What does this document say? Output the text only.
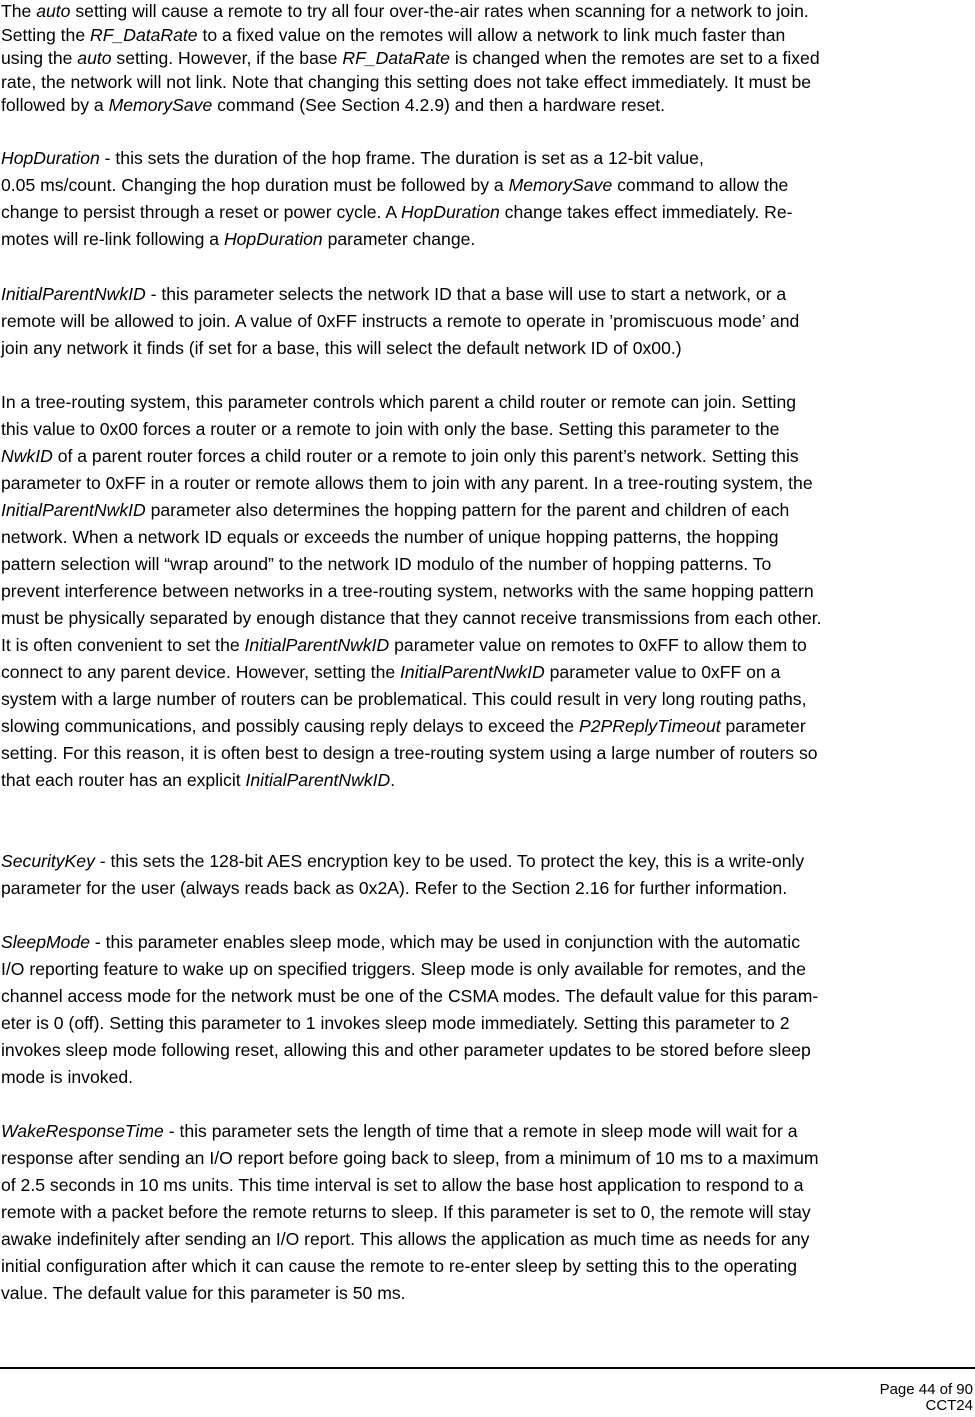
The auto setting will cause a remote to try all four over-the-air rates when scanning for a network to join.
Setting the RF_DataRate to a fixed value on the remotes will allow a network to link much faster than
using the auto setting. However, if the base RF_DataRate is changed when the remotes are set to a fixed
rate, the network will not link. Note that changing this setting does not take effect immediately. It must be
followed by a MemorySave command (See Section 4.2.9) and then a hardware reset.
HopDuration - this sets the duration of the hop frame. The duration is set as a 12-bit value,
0.05 ms/count. Changing the hop duration must be followed by a MemorySave command to allow the
change to persist through a reset or power cycle. A HopDuration change takes effect immediately. Re-
motes will re-link following a HopDuration parameter change.
InitialParentNwkID - this parameter selects the network ID that a base will use to start a network, or a
remote will be allowed to join. A value of 0xFF instructs a remote to operate in ’promiscuous mode’ and
join any network it finds (if set for a base, this will select the default network ID of 0x00.)
In a tree-routing system, this parameter controls which parent a child router or remote can join. Setting
this value to 0x00 forces a router or a remote to join with only the base. Setting this parameter to the
NwkID of a parent router forces a child router or a remote to join only this parent’s network. Setting this
parameter to 0xFF in a router or remote allows them to join with any parent. In a tree-routing system, the
InitialParentNwkID parameter also determines the hopping pattern for the parent and children of each
network. When a network ID equals or exceeds the number of unique hopping patterns, the hopping
pattern selection will “wrap around” to the network ID modulo of the number of hopping patterns. To
prevent interference between networks in a tree-routing system, networks with the same hopping pattern
must be physically separated by enough distance that they cannot receive transmissions from each other.
It is often convenient to set the InitialParentNwkID parameter value on remotes to 0xFF to allow them to
connect to any parent device. However, setting the InitialParentNwkID parameter value to 0xFF on a
system with a large number of routers can be problematical. This could result in very long routing paths,
slowing communications, and possibly causing reply delays to exceed the P2PReplyTimeout parameter
setting. For this reason, it is often best to design a tree-routing system using a large number of routers so
that each router has an explicit InitialParentNwkID.
SecurityKey - this sets the 128-bit AES encryption key to be used. To protect the key, this is a write-only
parameter for the user (always reads back as 0x2A). Refer to the Section 2.16 for further information.
SleepMode - this parameter enables sleep mode, which may be used in conjunction with the automatic
I/O reporting feature to wake up on specified triggers. Sleep mode is only available for remotes, and the
channel access mode for the network must be one of the CSMA modes. The default value for this param-
eter is 0 (off). Setting this parameter to 1 invokes sleep mode immediately. Setting this parameter to 2
invokes sleep mode following reset, allowing this and other parameter updates to be stored before sleep
mode is invoked.
WakeResponseTime - this parameter sets the length of time that a remote in sleep mode will wait for a
response after sending an I/O report before going back to sleep, from a minimum of 10 ms to a maximum
of 2.5 seconds in 10 ms units. This time interval is set to allow the base host application to respond to a
remote with a packet before the remote returns to sleep. If this parameter is set to 0, the remote will stay
awake indefinitely after sending an I/O report. This allows the application as much time as needs for any
initial configuration after which it can cause the remote to re-enter sleep by setting this to the operating
value. The default value for this parameter is 50 ms.
Page 44 of 90
CCT24
